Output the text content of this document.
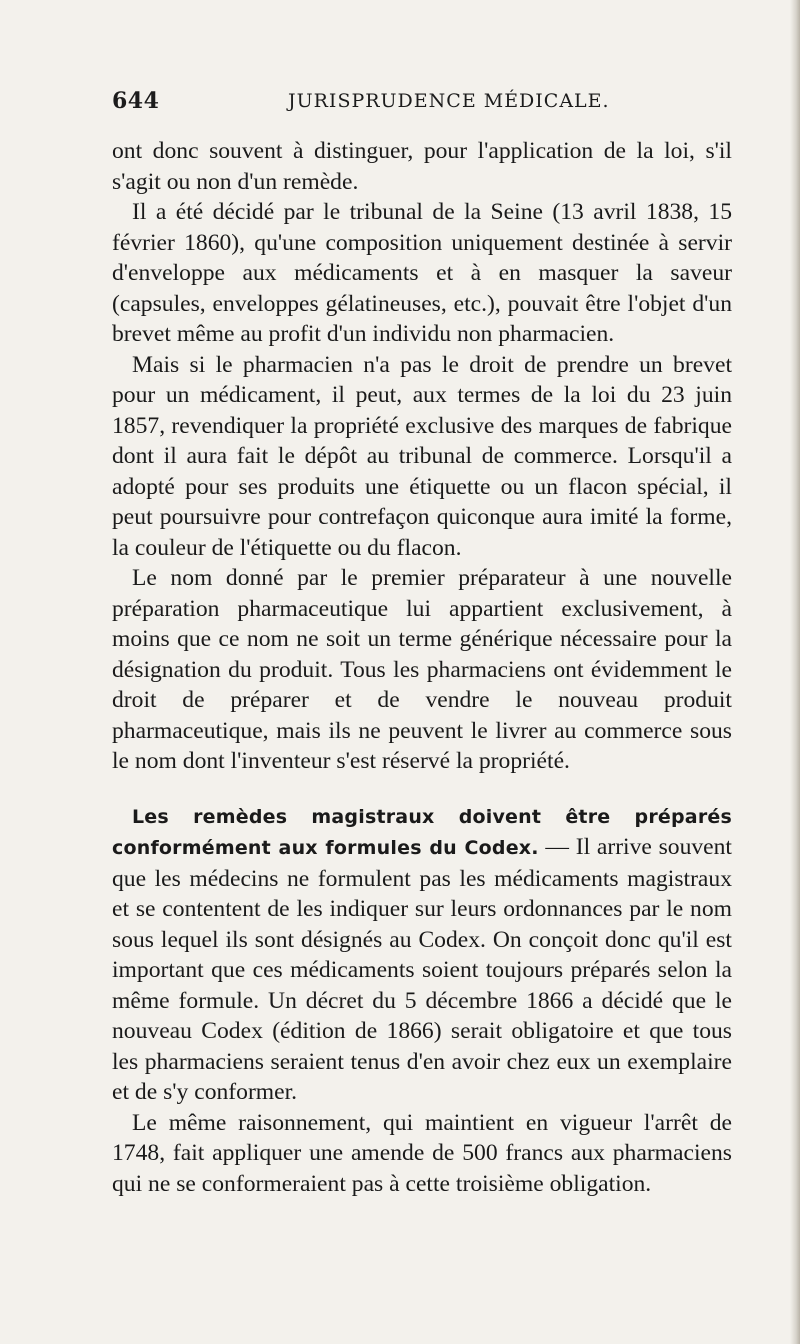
644	JURISPRUDENCE MÉDICALE.

ont donc souvent à distinguer, pour l'application de la loi, s'il s'agit ou non d'un remède.

Il a été décidé par le tribunal de la Seine (13 avril 1838, 15 février 1860), qu'une composition uniquement destinée à servir d'enveloppe aux médicaments et à en masquer la saveur (capsules, enveloppes gélatineuses, etc.), pouvait être l'objet d'un brevet même au profit d'un individu non pharmacien.

Mais si le pharmacien n'a pas le droit de prendre un brevet pour un médicament, il peut, aux termes de la loi du 23 juin 1857, revendiquer la propriété exclusive des marques de fabrique dont il aura fait le dépôt au tribunal de commerce. Lorsqu'il a adopté pour ses produits une étiquette ou un flacon spécial, il peut poursuivre pour contrefaçon quiconque aura imité la forme, la couleur de l'étiquette ou du flacon.

Le nom donné par le premier préparateur à une nouvelle préparation pharmaceutique lui appartient exclusivement, à moins que ce nom ne soit un terme générique nécessaire pour la désignation du produit. Tous les pharmaciens ont évidemment le droit de préparer et de vendre le nouveau produit pharmaceutique, mais ils ne peuvent le livrer au commerce sous le nom dont l'inventeur s'est réservé la propriété.

Les remèdes magistraux doivent être préparés conformément aux formules du Codex. — Il arrive souvent que les médecins ne formulent pas les médicaments magistraux et se contentent de les indiquer sur leurs ordonnances par le nom sous lequel ils sont désignés au Codex. On conçoit donc qu'il est important que ces médicaments soient toujours préparés selon la même formule. Un décret du 5 décembre 1866 a décidé que le nouveau Codex (édition de 1866) serait obligatoire et que tous les pharmaciens seraient tenus d'en avoir chez eux un exemplaire et de s'y conformer.

Le même raisonnement, qui maintient en vigueur l'arrêt de 1748, fait appliquer une amende de 500 francs aux pharmaciens qui ne se conformeraient pas à cette troisième obligation.
